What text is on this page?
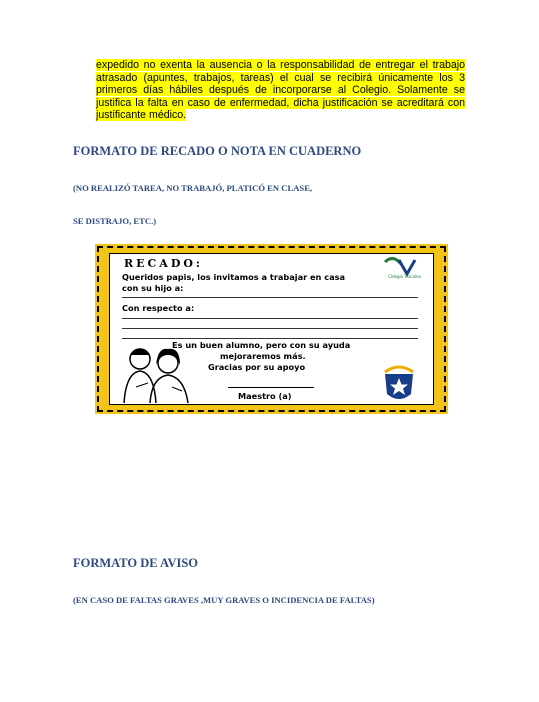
expedido no exenta la ausencia o la responsabilidad de entregar el trabajo atrasado (apuntes, trabajos, tareas) el cual se recibirá únicamente los 3 primeros días hábiles después de incorporarse al Colegio. Solamente se justifica la falta en caso de enfermedad, dicha justificación se acreditará con justificante médico.
FORMATO DE RECADO O NOTA EN CUADERNO
(NO REALIZÓ TAREA, NO TRABAJÓ, PLATICÓ EN CLASE,
SE DISTRAJO, ETC.)
RECADO:
Colegio Vizcaíno
Queridos papis, los invitamos a trabajar en casa
con su hijo a:
Con respecto a:
Es un buen alumno, pero con su ayuda
mejoraremos más.
Gracias por su apoyo
Maestro (a)
FORMATO DE AVISO
(EN CASO DE FALTAS GRAVES ,MUY GRAVES O INCIDENCIA DE FALTAS)
